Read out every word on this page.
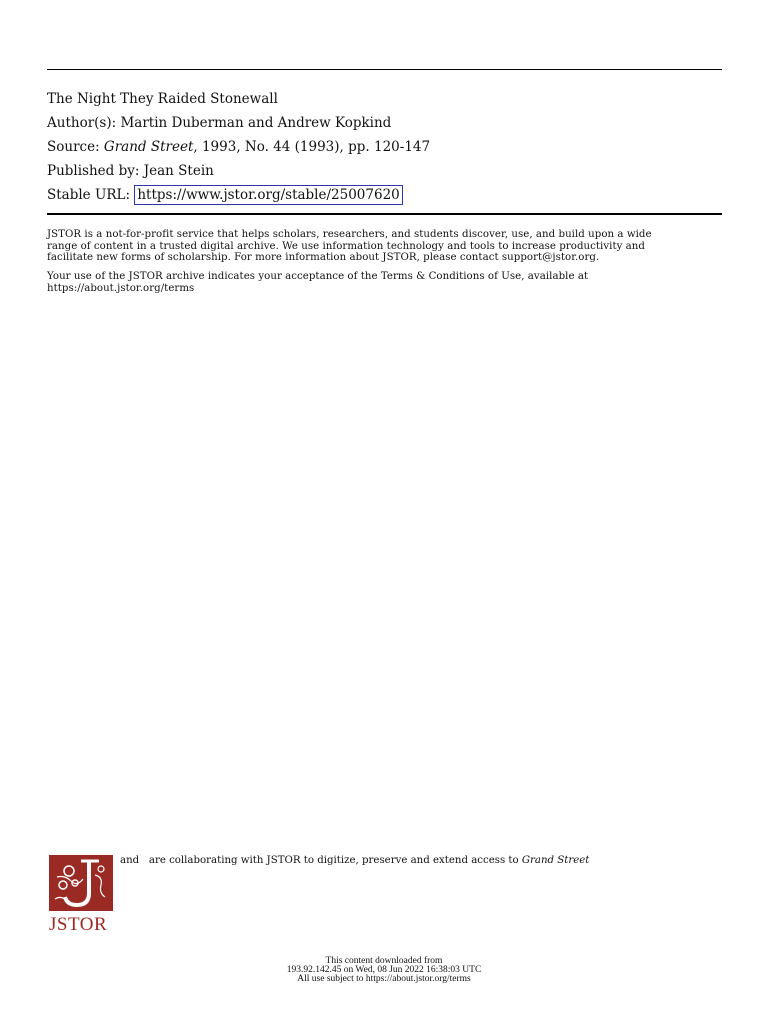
The Night They Raided Stonewall
Author(s): Martin Duberman and Andrew Kopkind
Source: Grand Street, 1993, No. 44 (1993), pp. 120-147
Published by: Jean Stein
Stable URL: https://www.jstor.org/stable/25007620
JSTOR is a not-for-profit service that helps scholars, researchers, and students discover, use, and build upon a wide
range of content in a trusted digital archive. We use information technology and tools to increase productivity and
facilitate new forms of scholarship. For more information about JSTOR, please contact support@jstor.org.
Your use of the JSTOR archive indicates your acceptance of the Terms & Conditions of Use, available at
https://about.jstor.org/terms
JSTOR
and   are collaborating with JSTOR to digitize, preserve and extend access to Grand Street
This content downloaded from
193.92.142.45 on Wed, 08 Jun 2022 16:38:03 UTC
All use subject to https://about.jstor.org/terms
